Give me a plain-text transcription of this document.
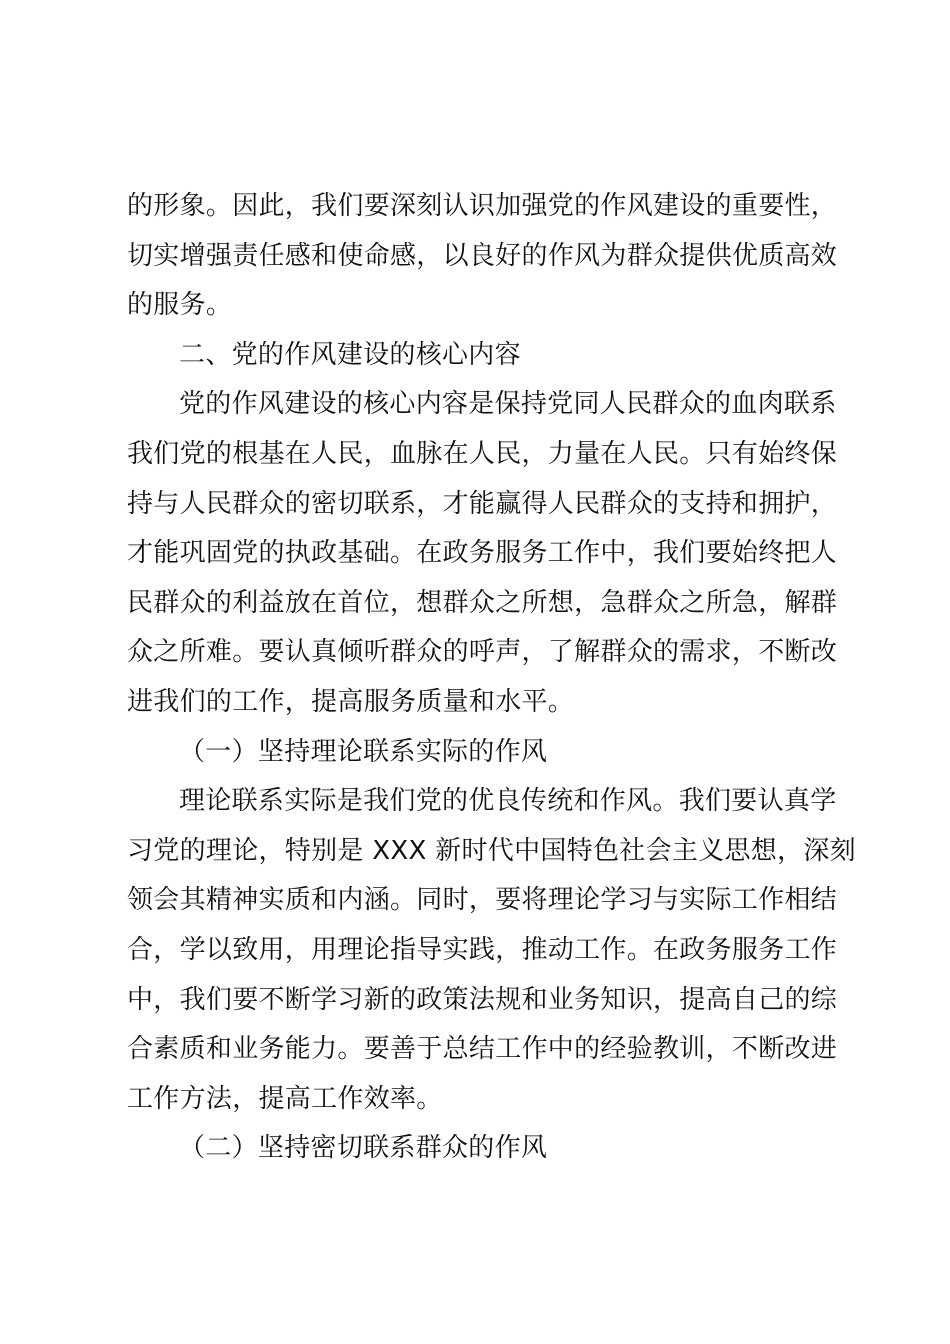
的形象。因此，我们要深刻认识加强党的作风建设的重要性，
切实增强责任感和使命感，以良好的作风为群众提供优质高效
的服务。
二、党的作风建设的核心内容
党的作风建设的核心内容是保持党同人民群众的血肉联系
我们党的根基在人民，血脉在人民，力量在人民。只有始终保
持与人民群众的密切联系，才能赢得人民群众的支持和拥护，
才能巩固党的执政基础。在政务服务工作中，我们要始终把人
民群众的利益放在首位，想群众之所想，急群众之所急，解群
众之所难。要认真倾听群众的呼声，了解群众的需求，不断改
进我们的工作，提高服务质量和水平。
（一）坚持理论联系实际的作风
理论联系实际是我们党的优良传统和作风。我们要认真学
习党的理论，特别是 XXX 新时代中国特色社会主义思想，深刻
领会其精神实质和内涵。同时，要将理论学习与实际工作相结
合，学以致用，用理论指导实践，推动工作。在政务服务工作
中，我们要不断学习新的政策法规和业务知识，提高自己的综
合素质和业务能力。要善于总结工作中的经验教训，不断改进
工作方法，提高工作效率。
（二）坚持密切联系群众的作风
